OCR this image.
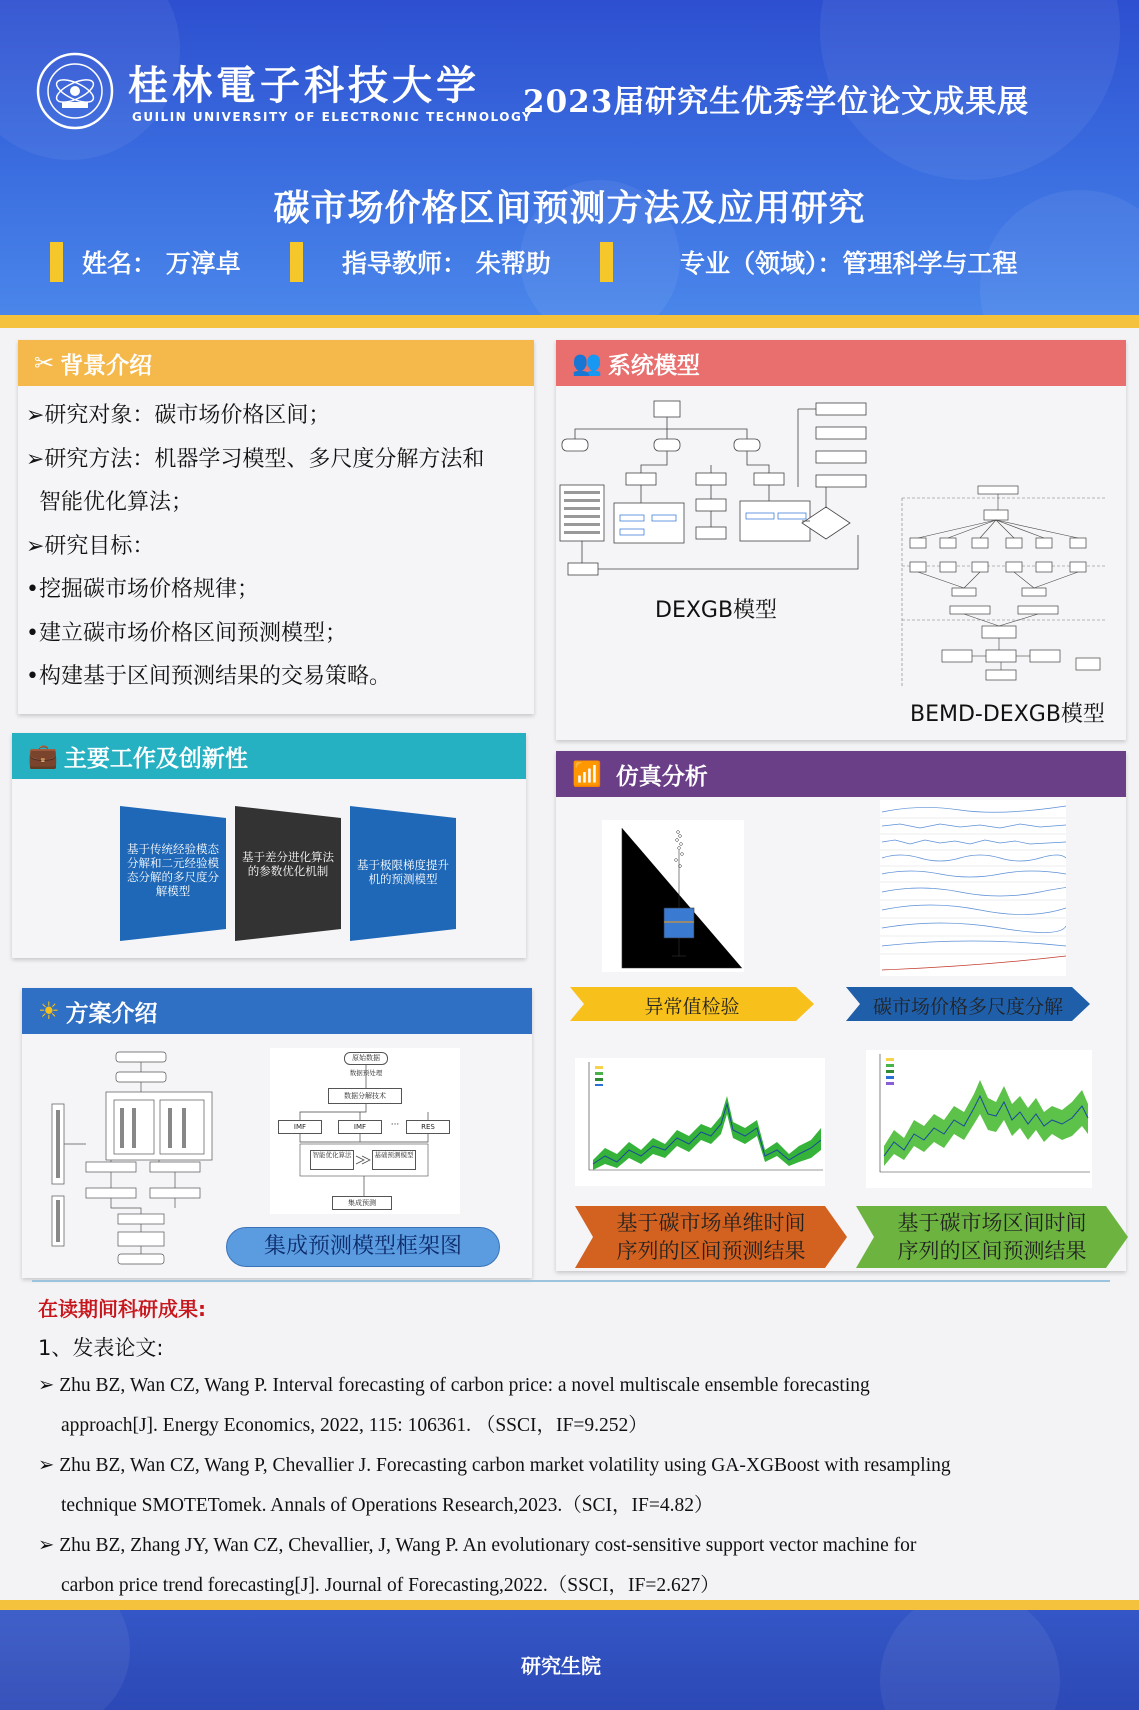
桂林電子科技大学
GUILIN UNIVERSITY OF ELECTRONIC TECHNOLOGY
2023届研究生优秀学位论文成果展
碳市场价格区间预测方法及应用研究
姓名： 万淳卓	指导教师： 朱帮助	专业（领域）：管理科学与工程
✂ 背景介绍
➢研究对象：碳市场价格区间；
➢研究方法：机器学习模型、多尺度分解方法和
智能优化算法；
➢研究目标：
•挖掘碳市场价格规律；
•建立碳市场价格区间预测模型；
•构建基于区间预测结果的交易策略。
👥 系统模型
DEXGB模型
BEMD-DEXGB模型
💼 主要工作及创新性
基于传统经验模态分解和二元经验模态分解的多尺度分解模型
基于差分进化算法的参数优化机制	基于极限梯度提升机的预测模型
📶 仿真分析
异常值检验	碳市场价格多尺度分解
基于碳市场单维时间
序列的区间预测结果
基于碳市场区间时间
序列的区间预测结果
☀ 方案介绍
原始数据
数据预处理
数据分解技术
IMF	IMF	···	RES
智能优化算法	基础预测模型
集成预测
集成预测模型框架图
在读期间科研成果:
1、发表论文:
➢ Zhu BZ, Wan CZ, Wang P. Interval forecasting of carbon price: a novel multiscale ensemble forecasting
approach[J]. Energy Economics, 2022, 115: 106361. （SSCI，IF=9.252）
➢ Zhu BZ, Wan CZ, Wang P, Chevallier J. Forecasting carbon market volatility using GA-XGBoost with resampling
technique SMOTETomek. Annals of Operations Research,2023.（SCI，IF=4.82）
➢ Zhu BZ, Zhang JY, Wan CZ, Chevallier, J, Wang P. An evolutionary cost-sensitive support vector machine for
carbon price trend forecasting[J]. Journal of Forecasting,2022.（SSCI，IF=2.627）
研究生院
